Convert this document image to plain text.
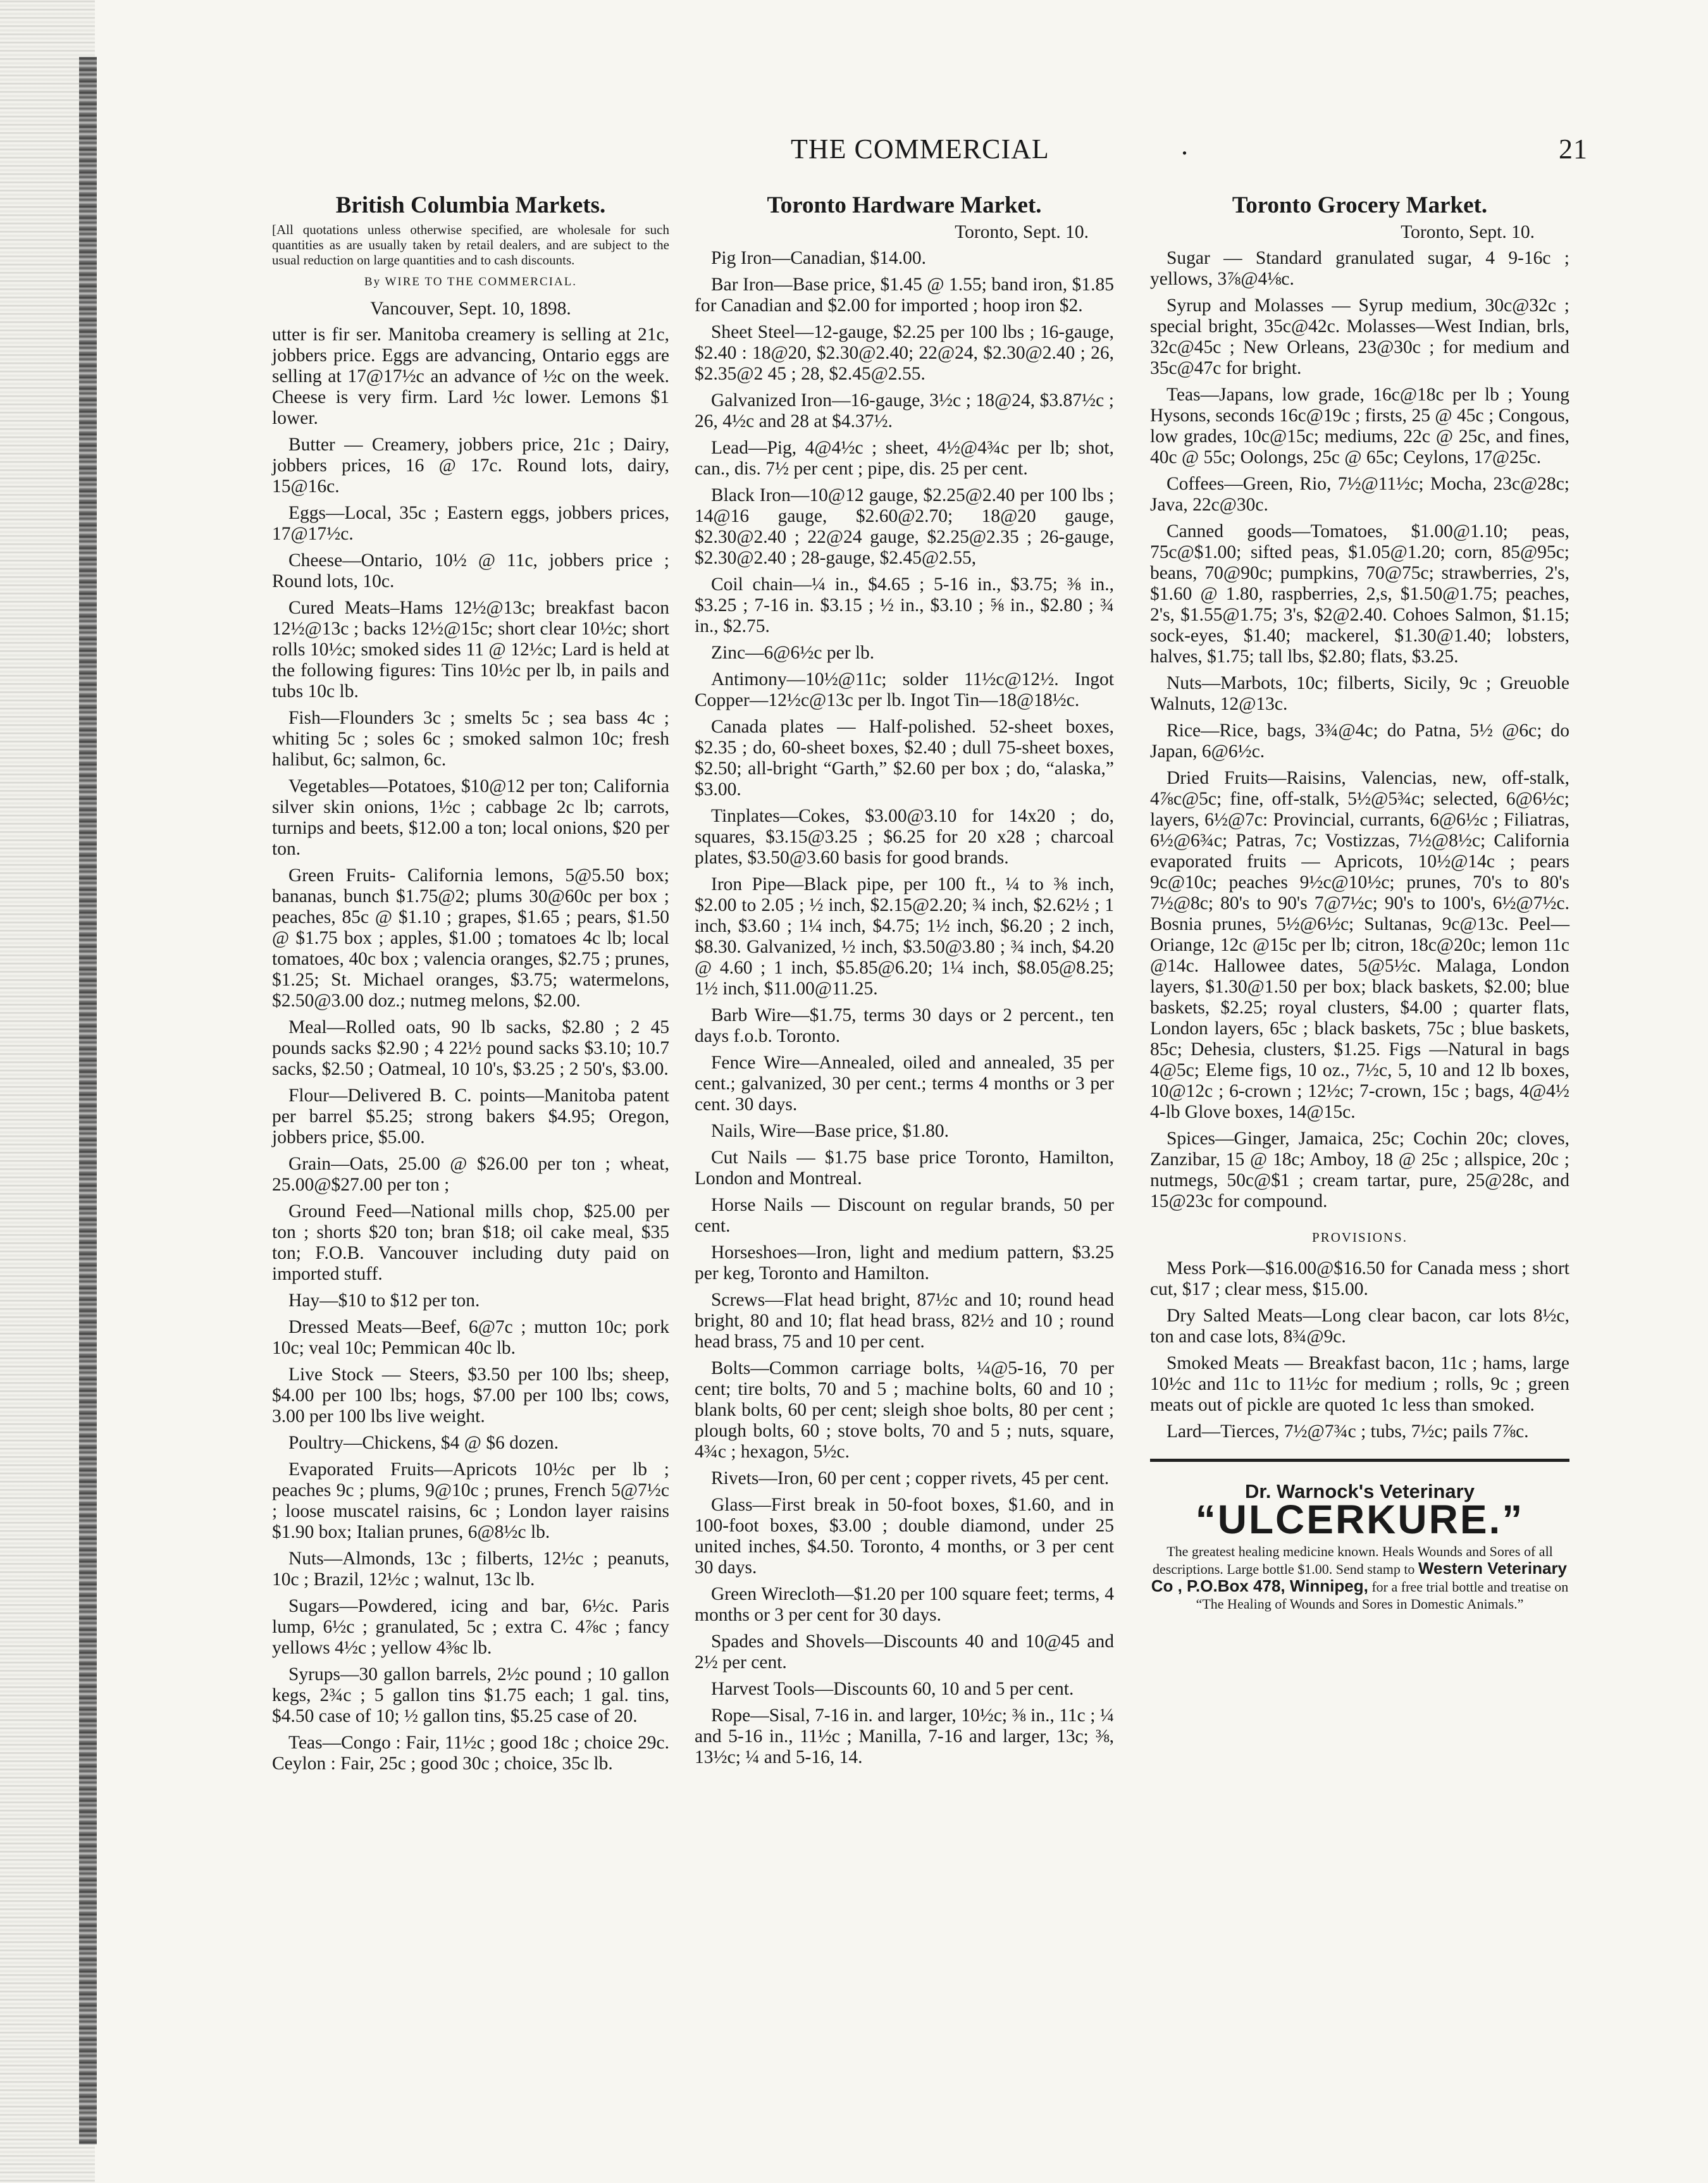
THE COMMERCIAL	.	21
British Columbia Markets.
[All quotations unless otherwise specified, are wholesale for such quantities as are usually taken by retail dealers, and are subject to the usual reduction on large quantities and to cash discounts.
By WIRE TO THE COMMERCIAL.
Vancouver, Sept. 10, 1898.

utter is fir ser. Manitoba creamery is selling at 21c, jobbers price. Eggs are advancing, Ontario eggs are selling at 17@17½c an advance of ½c on the week. Cheese is very firm. Lard ½c lower. Lemons $1 lower.

Butter — Creamery, jobbers price, 21c ; Dairy, jobbers prices, 16 @ 17c. Round lots, dairy, 15@16c.

Eggs—Local, 35c ; Eastern eggs, jobbers prices, 17@17½c.

Cheese—Ontario, 10½ @ 11c, jobbers price ; Round lots, 10c.

Cured Meats–Hams 12½@13c; breakfast bacon 12½@13c ; backs 12½@15c; short clear 10½c; short rolls 10½c; smoked sides 11 @ 12½c; Lard is held at the following figures: Tins 10½c per lb, in pails and tubs 10c lb.

Fish—Flounders 3c ; smelts 5c ; sea bass 4c ; whiting 5c ; soles 6c ; smoked salmon 10c; fresh halibut, 6c; salmon, 6c.

Vegetables—Potatoes, $10@12 per ton; California silver skin onions, 1½c ; cabbage 2c lb; carrots, turnips and beets, $12.00 a ton; local onions, $20 per ton.

Green Fruits- California lemons, 5@5.50 box; bananas, bunch $1.75@2; plums 30@60c per box ; peaches, 85c @ $1.10 ; grapes, $1.65 ; pears, $1.50 @ $1.75 box ; apples, $1.00 ; tomatoes 4c lb; local tomatoes, 40c box ; valencia oranges, $2.75 ; prunes, $1.25; St. Michael oranges, $3.75; watermelons, $2.50@3.00 doz.; nutmeg melons, $2.00.

Meal—Rolled oats, 90 lb sacks, $2.80 ; 2 45 pounds sacks $2.90 ; 4 22½ pound sacks $3.10; 10.7 sacks, $2.50 ; Oatmeal, 10 10's, $3.25 ; 2 50's, $3.00.

Flour—Delivered B. C. points—Manitoba patent per barrel $5.25; strong bakers $4.95; Oregon, jobbers price, $5.00.

Grain—Oats, 25.00 @ $26.00 per ton ; wheat, 25.00@$27.00 per ton ;

Ground Feed—National mills chop, $25.00 per ton ; shorts $20 ton; bran $18; oil cake meal, $35 ton; F.O.B. Vancouver including duty paid on imported stuff.

Hay—$10 to $12 per ton.

Dressed Meats—Beef, 6@7c ; mutton 10c; pork 10c; veal 10c; Pemmican 40c lb.

Live Stock — Steers, $3.50 per 100 lbs; sheep, $4.00 per 100 lbs; hogs, $7.00 per 100 lbs; cows, 3.00 per 100 lbs live weight.

Poultry—Chickens, $4 @ $6 dozen.

Evaporated Fruits—Apricots 10½c per lb ; peaches 9c ; plums, 9@10c ; prunes, French 5@7½c ; loose muscatel raisins, 6c ; London layer raisins $1.90 box; Italian prunes, 6@8½c lb.

Nuts—Almonds, 13c ; filberts, 12½c ; peanuts, 10c ; Brazil, 12½c ; walnut, 13c lb.

Sugars—Powdered, icing and bar, 6½c. Paris lump, 6½c ; granulated, 5c ; extra C. 4⅞c ; fancy yellows 4½c ; yellow 4⅜c lb.

Syrups—30 gallon barrels, 2½c pound ; 10 gallon kegs, 2¾c ; 5 gallon tins $1.75 each; 1 gal. tins, $4.50 case of 10; ½ gallon tins, $5.25 case of 20.

Teas—Congo : Fair, 11½c ; good 18c ; choice 29c. Ceylon : Fair, 25c ; good 30c ; choice, 35c lb.

Toronto Hardware Market.
Toronto, Sept. 10.

Pig Iron—Canadian, $14.00.

Bar Iron—Base price, $1.45 @ 1.55; band iron, $1.85 for Canadian and $2.00 for imported ; hoop iron $2.

Sheet Steel—12-gauge, $2.25 per 100 lbs ; 16-gauge, $2.40 : 18@20, $2.30@2.40; 22@24, $2.30@2.40 ; 26, $2.35@2 45 ; 28, $2.45@2.55.

Galvanized Iron—16-gauge, 3½c ; 18@24, $3.87½c ; 26, 4½c and 28 at $4.37½.

Lead—Pig, 4@4½c ; sheet, 4½@4¾c per lb; shot, can., dis. 7½ per cent ; pipe, dis. 25 per cent.

Black Iron—10@12 gauge, $2.25@2.40 per 100 lbs ; 14@16 gauge, $2.60@2.70; 18@20 gauge, $2.30@2.40 ; 22@24 gauge, $2.25@2.35 ; 26-gauge, $2.30@2.40 ; 28-gauge, $2.45@2.55,

Coil chain—¼ in., $4.65 ; 5-16 in., $3.75; ⅜ in., $3.25 ; 7-16 in. $3.15 ; ½ in., $3.10 ; ⅝ in., $2.80 ; ¾ in., $2.75.

Zinc—6@6½c per lb.

Antimony—10½@11c; solder 11½c@12½. Ingot Copper—12½c@13c per lb. Ingot Tin—18@18½c.

Canada plates — Half-polished. 52-sheet boxes, $2.35 ; do, 60-sheet boxes, $2.40 ; dull 75-sheet boxes, $2.50; all-bright “Garth,” $2.60 per box ; do, “alaska,” $3.00.

Tinplates—Cokes, $3.00@3.10 for 14x20 ; do, squares, $3.15@3.25 ; $6.25 for 20 x28 ; charcoal plates, $3.50@3.60 basis for good brands.

Iron Pipe—Black pipe, per 100 ft., ¼ to ⅜ inch, $2.00 to 2.05 ; ½ inch, $2.15@2.20; ¾ inch, $2.62½ ; 1 inch, $3.60 ; 1¼ inch, $4.75; 1½ inch, $6.20 ; 2 inch, $8.30. Galvanized, ½ inch, $3.50@3.80 ; ¾ inch, $4.20 @ 4.60 ; 1 inch, $5.85@6.20; 1¼ inch, $8.05@8.25; 1½ inch, $11.00@11.25.

Barb Wire—$1.75, terms 30 days or 2 percent., ten days f.o.b. Toronto.

Fence Wire—Annealed, oiled and annealed, 35 per cent.; galvanized, 30 per cent.; terms 4 months or 3 per cent. 30 days.

Nails, Wire—Base price, $1.80.

Cut Nails — $1.75 base price Toronto, Hamilton, London and Montreal.

Horse Nails — Discount on regular brands, 50 per cent.

Horseshoes—Iron, light and medium pattern, $3.25 per keg, Toronto and Hamilton.

Screws—Flat head bright, 87½c and 10; round head bright, 80 and 10; flat head brass, 82½ and 10 ; round head brass, 75 and 10 per cent.

Bolts—Common carriage bolts, ¼@5-16, 70 per cent; tire bolts, 70 and 5 ; machine bolts, 60 and 10 ; blank bolts, 60 per cent; sleigh shoe bolts, 80 per cent ; plough bolts, 60 ; stove bolts, 70 and 5 ; nuts, square, 4¾c ; hexagon, 5½c.

Rivets—Iron, 60 per cent ; copper rivets, 45 per cent.

Glass—First break in 50-foot boxes, $1.60, and in 100-foot boxes, $3.00 ; double diamond, under 25 united inches, $4.50. Toronto, 4 months, or 3 per cent 30 days.

Green Wirecloth—$1.20 per 100 square feet; terms, 4 months or 3 per cent for 30 days.

Spades and Shovels—Discounts 40 and 10@45 and 2½ per cent.

Harvest Tools—Discounts 60, 10 and 5 per cent.

Rope—Sisal, 7-16 in. and larger, 10½c; ⅜ in., 11c ; ¼ and 5-16 in., 11½c ; Manilla, 7-16 and larger, 13c; ⅜, 13½c; ¼ and 5-16, 14.

Toronto Grocery Market.
Toronto, Sept. 10.

Sugar — Standard granulated sugar, 4 9-16c ; yellows, 3⅞@4⅛c.

Syrup and Molasses — Syrup medium, 30c@32c ; special bright, 35c@42c. Molasses—West Indian, brls, 32c@45c ; New Orleans, 23@30c ; for medium and 35c@47c for bright.

Teas—Japans, low grade, 16c@18c per lb ; Young Hysons, seconds 16c@19c ; firsts, 25 @ 45c ; Congous, low grades, 10c@15c; mediums, 22c @ 25c, and fines, 40c @ 55c; Oolongs, 25c @ 65c; Ceylons, 17@25c.

Coffees—Green, Rio, 7½@11½c; Mocha, 23c@28c; Java, 22c@30c.

Canned goods—Tomatoes, $1.00@1.10; peas, 75c@$1.00; sifted peas, $1.05@1.20; corn, 85@95c; beans, 70@90c; pumpkins, 70@75c; strawberries, 2's, $1.60 @ 1.80, raspberries, 2,s, $1.50@1.75; peaches, 2's, $1.55@1.75; 3's, $2@2.40. Cohoes Salmon, $1.15; sock-eyes, $1.40; mackerel, $1.30@1.40; lobsters, halves, $1.75; tall lbs, $2.80; flats, $3.25.

Nuts—Marbots, 10c; filberts, Sicily, 9c ; Greuoble Walnuts, 12@13c.

Rice—Rice, bags, 3¾@4c; do Patna, 5½ @6c; do Japan, 6@6½c.

Dried Fruits—Raisins, Valencias, new, off-stalk, 4⅞c@5c; fine, off-stalk, 5½@5¾c; selected, 6@6½c; layers, 6½@7c: Provincial, currants, 6@6½c ; Filiatras, 6½@6¾c; Patras, 7c; Vostizzas, 7½@8½c; California evaporated fruits — Apricots, 10½@14c ; pears 9c@10c; peaches 9½c@10½c; prunes, 70's to 80's 7½@8c; 80's to 90's 7@7½c; 90's to 100's, 6½@7½c. Bosnia prunes, 5½@6½c; Sultanas, 9c@13c. Peel—Oriange, 12c @15c per lb; citron, 18c@20c; lemon 11c @14c. Hallowee dates, 5@5½c. Malaga, London layers, $1.30@1.50 per box; black baskets, $2.00; blue baskets, $2.25; royal clusters, $4.00 ; quarter flats, London layers, 65c ; black baskets, 75c ; blue baskets, 85c; Dehesia, clusters, $1.25. Figs —Natural in bags 4@5c; Eleme figs, 10 oz., 7½c, 5, 10 and 12 lb boxes, 10@12c ; 6-crown ; 12½c; 7-crown, 15c ; bags, 4@4½ 4-lb Glove boxes, 14@15c.

Spices—Ginger, Jamaica, 25c; Cochin 20c; cloves, Zanzibar, 15 @ 18c; Amboy, 18 @ 25c ; allspice, 20c ; nutmegs, 50c@$1 ; cream tartar, pure, 25@28c, and 15@23c for compound.

PROVISIONS.

Mess Pork—$16.00@$16.50 for Canada mess ; short cut, $17 ; clear mess, $15.00.

Dry Salted Meats—Long clear bacon, car lots 8½c, ton and case lots, 8¾@9c.

Smoked Meats — Breakfast bacon, 11c ; hams, large 10½c and 11c to 11½c for medium ; rolls, 9c ; green meats out of pickle are quoted 1c less than smoked.

Lard—Tierces, 7½@7¾c ; tubs, 7½c; pails 7⅞c.

Dr. Warnock's Veterinary
“ULCERKURE.”
The greatest healing medicine known. Heals Wounds and Sores of all descriptions. Large bottle $1.00. Send stamp to Western Veterinary Co , P.O.Box 478, Winnipeg, for a free trial bottle and treatise on “The Healing of Wounds and Sores in Domestic Animals.”
